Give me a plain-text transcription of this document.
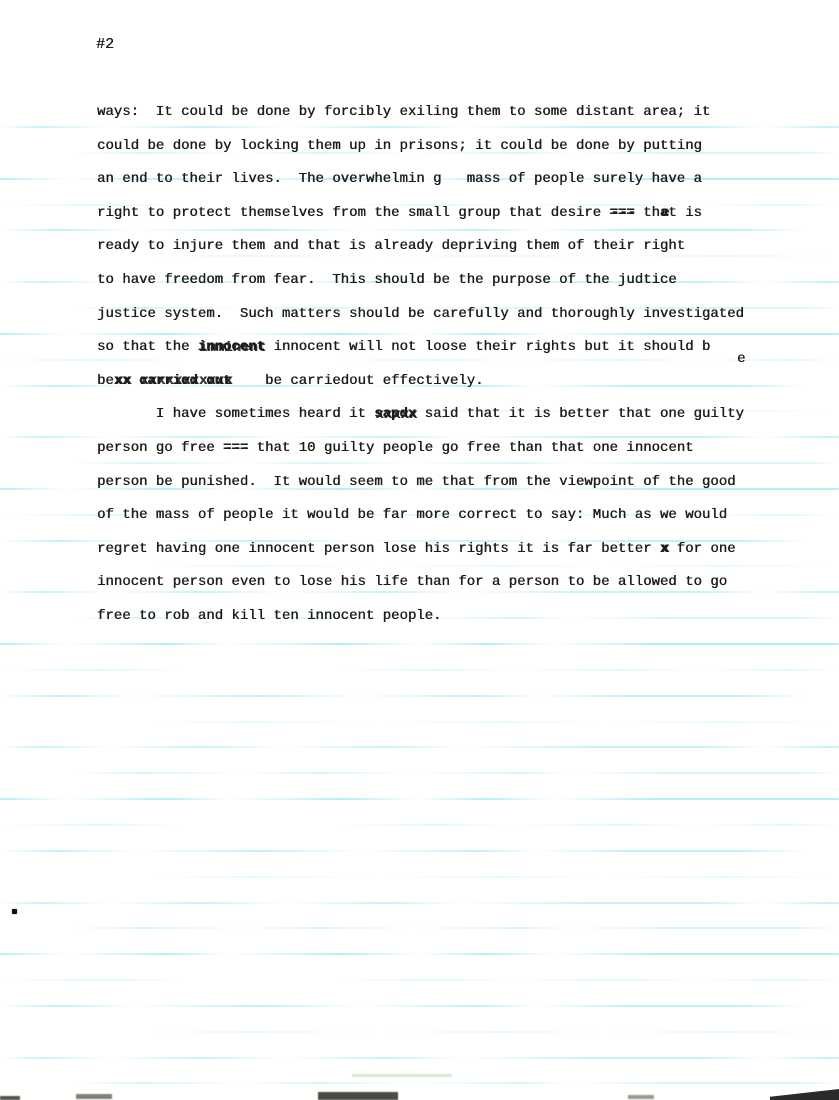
#2
ways:  It could be done by forcibly exiling them to some distant area; it
could be done by locking them up in prisons; it could be done by putting
an end to their lives.  The overwhelmin g   mass of people surely have a
right to protect themselves from the small group that desire === --- tha et is
ready to injure them and that is already depriving them of their right
to have freedom from fear.  This should be the purpose of the judtice
justice system.  Such matters should be carefully and thoroughly investigated
so that the innocent imminent innocent will not loose their rights but it should b
bexx xx carried out xxxxxxxxxxx    be carriedout effectively.
I have sometimes heard it sapdx xxxxx said that it is better that one guilty
person go free === --- that 10 guilty people go free than that one innocent
person be punished.  It would seem to me that from the viewpoint of the good
of the mass of people it would be far more correct to say: Much as we would
regret having one innocent person lose his rights it is far better x x for one
innocent person even to lose his life than for a person to be allowed to go
free to rob and kill ten innocent people.
e
